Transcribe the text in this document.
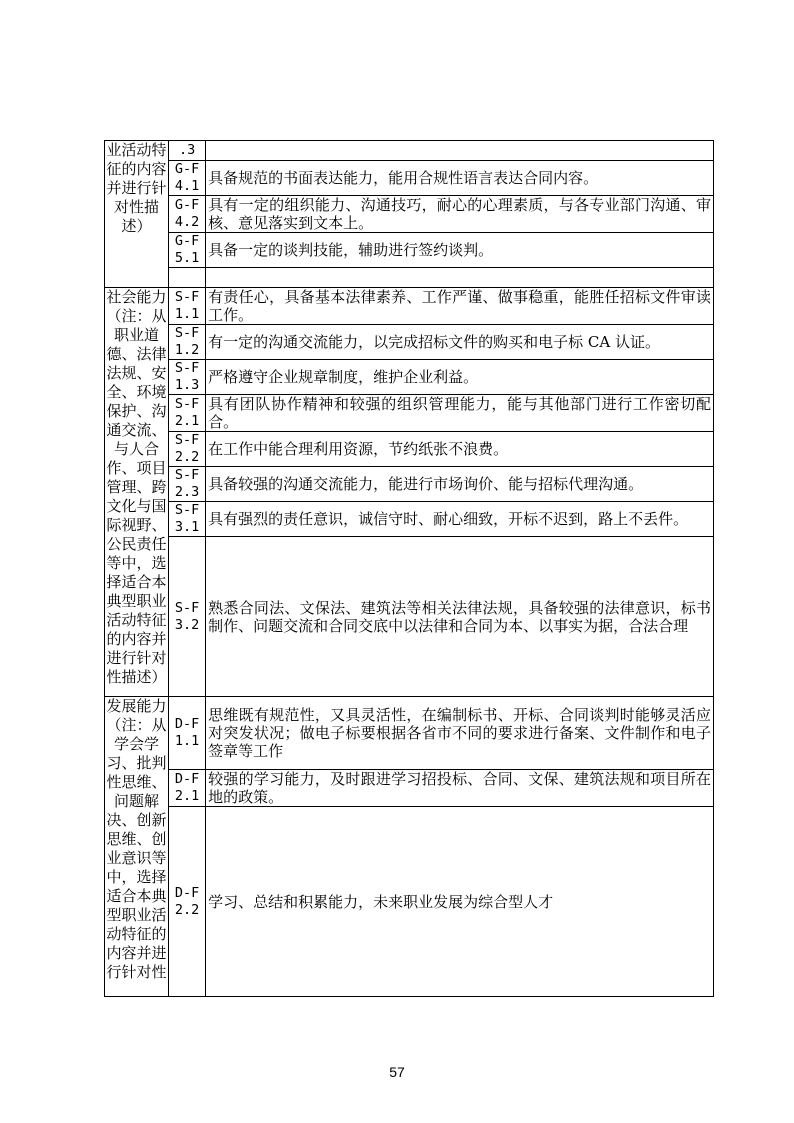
业活动特征的内容并进行针对性描述）	.3	
	G-F4.1	具备规范的书面表达能力，能用合规性语言表达合同内容。
	G-F4.2	具有一定的组织能力、沟通技巧，耐心的心理素质，与各专业部门沟通、审核、意见落实到文本上。
	G-F5.1	具备一定的谈判技能，辅助进行签约谈判。

社会能力（注：从职业道德、法律法规、安全、环境保护、沟通交流、与人合作、项目管理、跨文化与国际视野、公民责任等中，选择适合本典型职业活动特征的内容并进行针对性描述）	S-F1.1	有责任心，具备基本法律素养、工作严谨、做事稳重，能胜任招标文件审读工作。
	S-F1.2	有一定的沟通交流能力，以完成招标文件的购买和电子标 CA 认证。
	S-F1.3	严格遵守企业规章制度，维护企业利益。
	S-F2.1	具有团队协作精神和较强的组织管理能力，能与其他部门进行工作密切配合。
	S-F2.2	在工作中能合理利用资源，节约纸张不浪费。
	S-F2.3	具备较强的沟通交流能力，能进行市场询价、能与招标代理沟通。
	S-F3.1	具有强烈的责任意识，诚信守时、耐心细致，开标不迟到，路上不丢件。
	S-F3.2	熟悉合同法、文保法、建筑法等相关法律法规，具备较强的法律意识，标书制作、问题交流和合同交底中以法律和合同为本、以事实为据，合法合理
发展能力（注：从学会学习、批判性思维、问题解决、创新思维、创业意识等中，选择适合本典型职业活动特征的内容并进行针对性	D-F1.1	思维既有规范性，又具灵活性，在编制标书、开标、合同谈判时能够灵活应对突发状况；做电子标要根据各省市不同的要求进行备案、文件制作和电子签章等工作
	D-F2.1	较强的学习能力，及时跟进学习招投标、合同、文保、建筑法规和项目所在地的政策。
	D-F2.2	学习、总结和积累能力，未来职业发展为综合型人才
57
